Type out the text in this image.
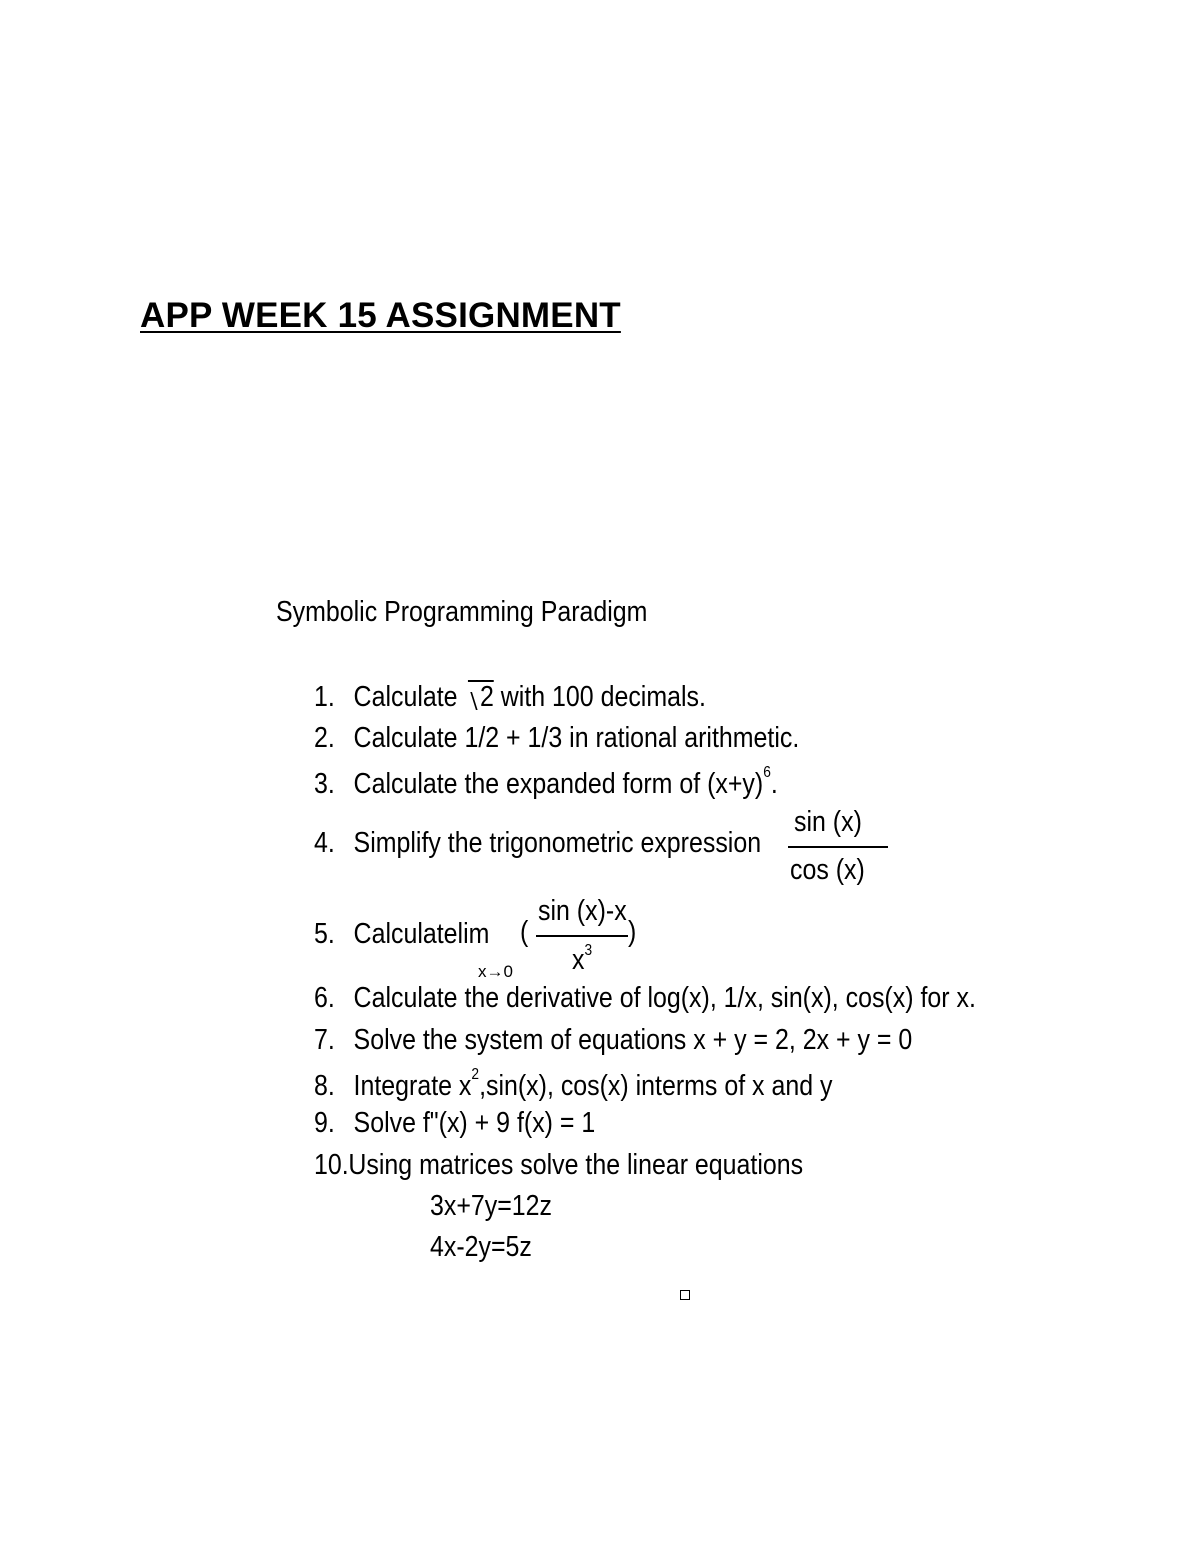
APP WEEK 15 ASSIGNMENT
Symbolic Programming Paradigm
1. Calculate 2 with 100 decimals.
2. Calculate 1/2 + 1/3 in rational arithmetic.
3. Calculate the expanded form of $(x+y)^6$.
4. Simplify the trigonometric expression
sin (x)
cos (x)
5. Calculatelim (
sin (x)-x
$x^3$
)
x→0
6. Calculate the derivative of log(x), 1/x, sin(x), cos(x) for x.
7. Solve the system of equations x + y = 2, 2x + y = 0
8. Integrate $x^2,\sin(x)$, cos(x) interms of x and y
9. Solve f"(x) + 9 f(x) = 1
10.Using matrices solve the linear equations
3x+7y=12z
4x-2y=5z
